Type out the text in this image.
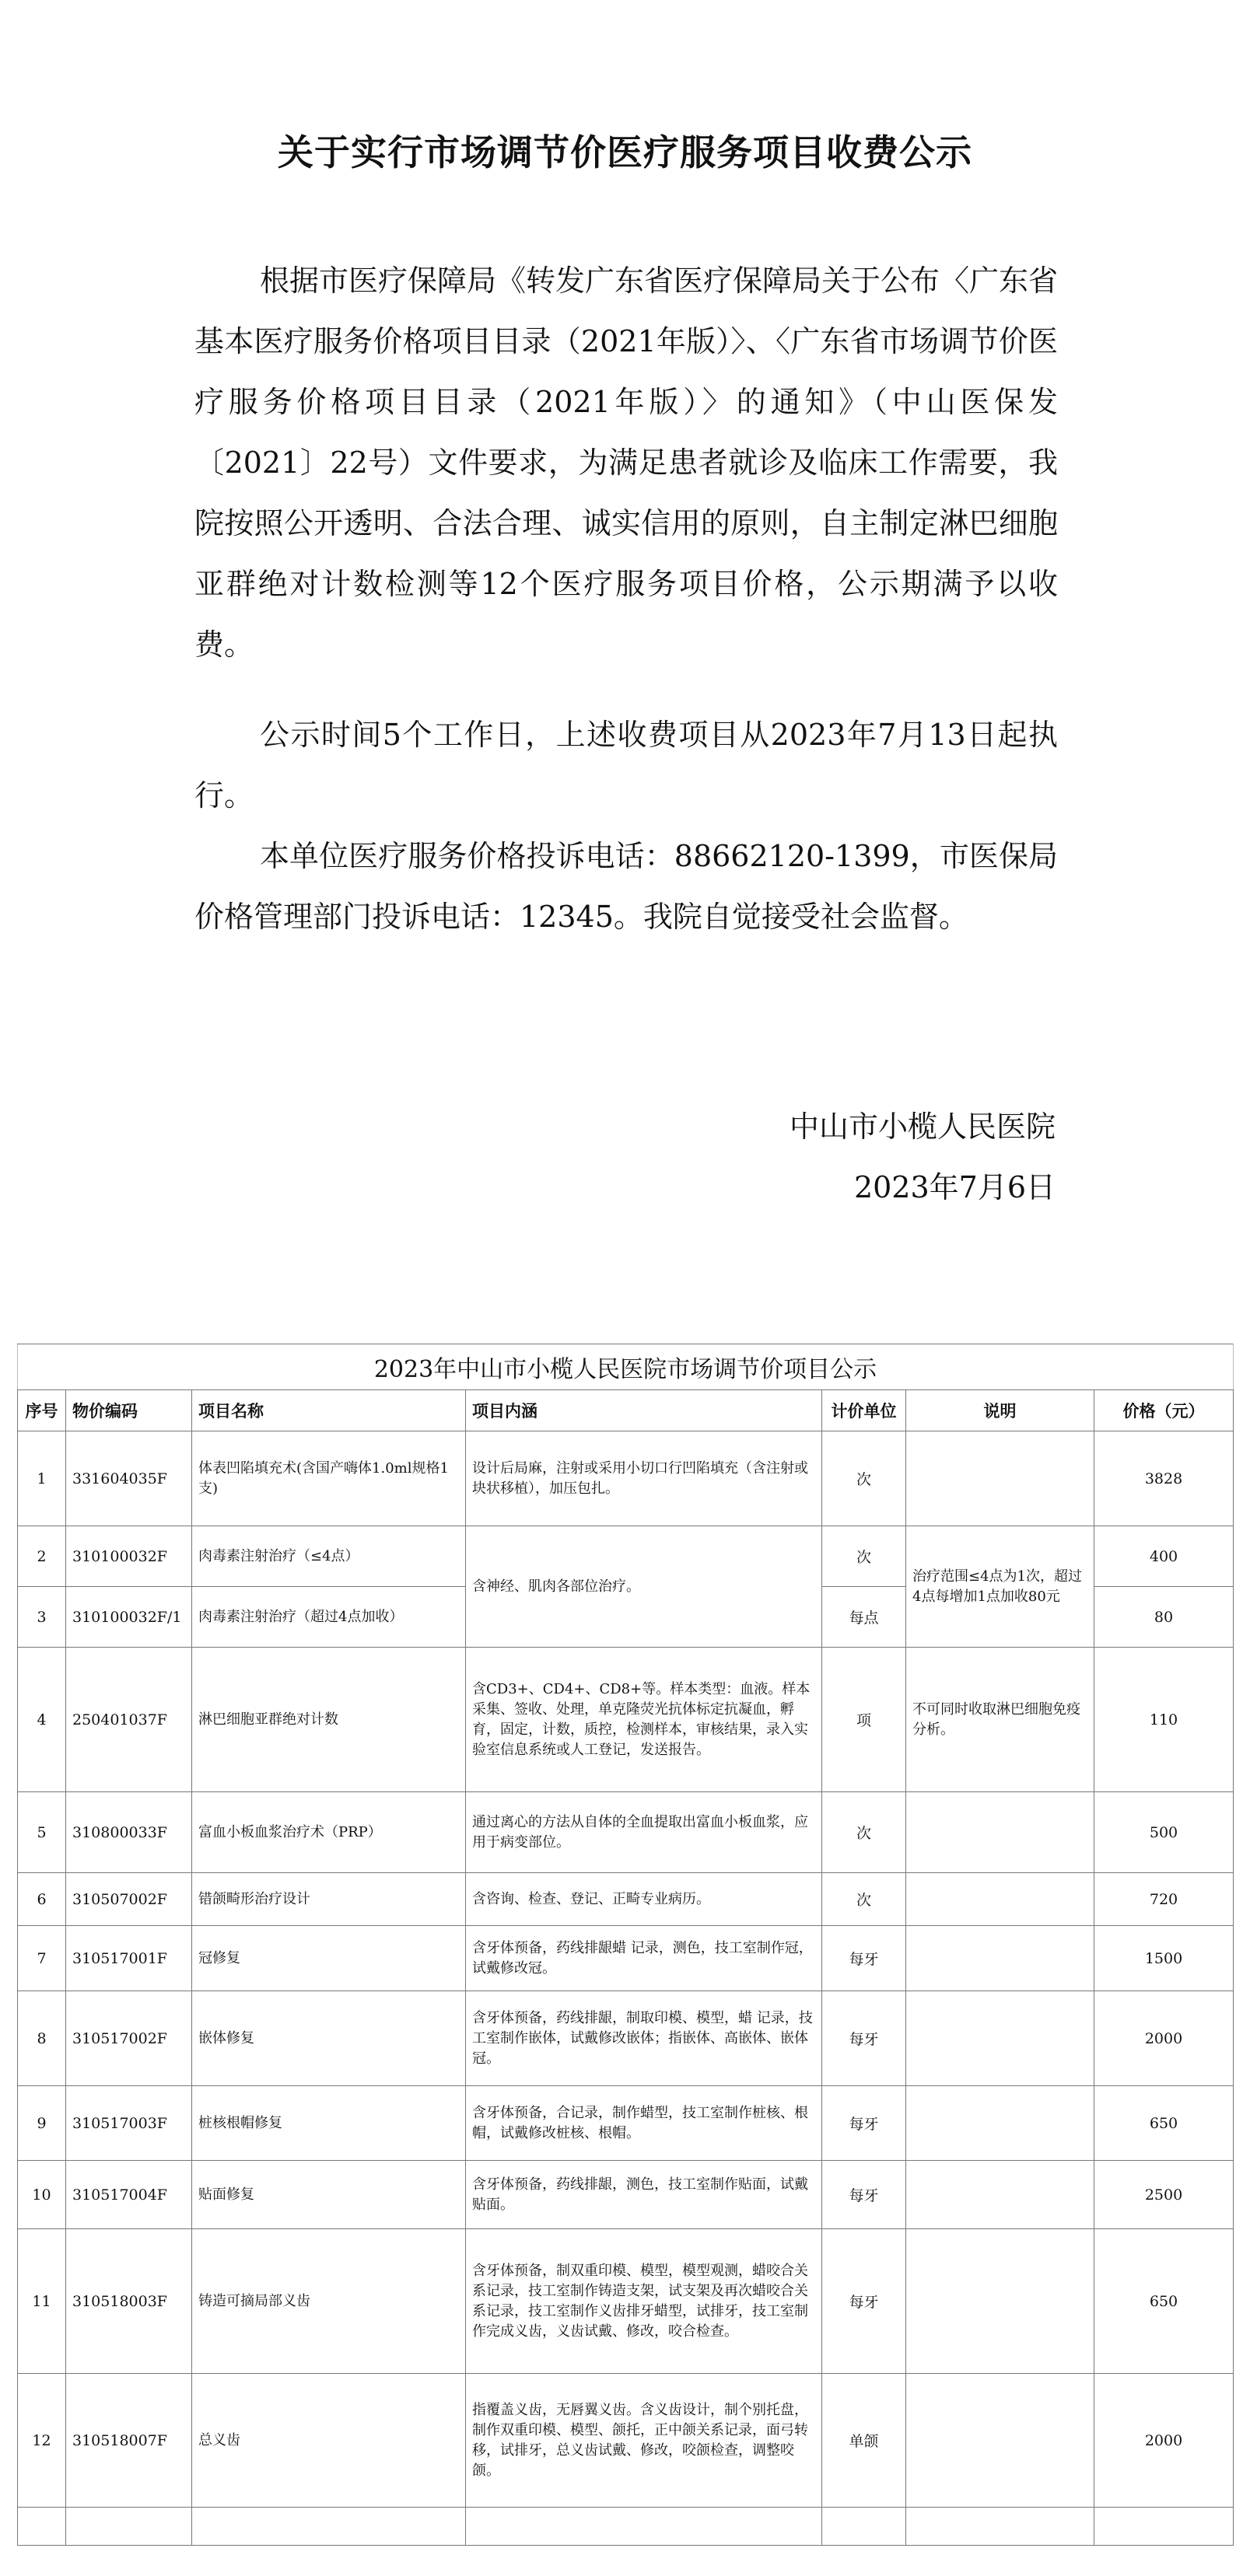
关于实行市场调节价医疗服务项目收费公示

根据市医疗保障局《转发广东省医疗保障局关于公布〈广东省基本医疗服务价格项目目录（2021年版）〉、〈广东省市场调节价医疗服务价格项目目录（2021年版）〉的通知》（中山医保发〔2021〕22号）文件要求，为满足患者就诊及临床工作需要，我院按照公开透明、合法合理、诚实信用的原则，自主制定淋巴细胞亚群绝对计数检测等12个医疗服务项目价格，公示期满予以收费。

公示时间5个工作日，上述收费项目从2023年7月13日起执行。

本单位医疗服务价格投诉电话：88662120-1399，市医保局价格管理部门投诉电话：12345。我院自觉接受社会监督。

中山市小榄人民医院
2023年7月6日
2023年中山市小榄人民医院市场调节价项目公示						
序号	物价编码	项目名称	项目内涵	计价单位	说明	价格（元）
1	331604035F	体表凹陷填充术(含国产嗨体1.0ml规格1支)	设计后局麻，注射或采用小切口行凹陷填充（含注射或块状移植），加压包扎。	次		3828
2	310100032F	肉毒素注射治疗（≤4点）	含神经、肌肉各部位治疗。	次	治疗范围≤4点为1次，超过4点每增加1点加收80元	400
3	310100032F/1	肉毒素注射治疗（超过4点加收）		每点		80
4	250401037F	淋巴细胞亚群绝对计数	含CD3+、CD4+、CD8+等。样本类型：血液。样本采集、签收、处理，单克隆荧光抗体标定抗凝血，孵育，固定，计数，质控，检测样本，审核结果，录入实验室信息系统或人工登记，发送报告。	项	不可同时收取淋巴细胞免疫分析。	110
5	310800033F	富血小板血浆治疗术（PRP）	通过离心的方法从自体的全血提取出富血小板血浆，应用于病变部位。	次		500
6	310507002F	错颌畸形治疗设计	含咨询、检查、登记、正畸专业病历。	次		720
7	310517001F	冠修复	含牙体预备，药线排龈蜡 记录，测色，技工室制作冠，试戴修改冠。	每牙		1500
8	310517002F	嵌体修复	含牙体预备，药线排龈，制取印模、模型，蜡 记录，技工室制作嵌体，试戴修改嵌体；指嵌体、高嵌体、嵌体冠。	每牙		2000
9	310517003F	桩核根帽修复	含牙体预备，合记录，制作蜡型，技工室制作桩核、根帽，试戴修改桩核、根帽。	每牙		650
10	310517004F	贴面修复	含牙体预备，药线排龈，测色，技工室制作贴面，试戴贴面。	每牙		2500
11	310518003F	铸造可摘局部义齿	含牙体预备，制双重印模、模型，模型观测，蜡咬合关系记录，技工室制作铸造支架，试支架及再次蜡咬合关系记录，技工室制作义齿排牙蜡型，试排牙，技工室制作完成义齿，义齿试戴、修改，咬合检查。	每牙		650
12	310518007F	总义齿	指覆盖义齿，无唇翼义齿。含义齿设计，制个别托盘，制作双重印模、模型、颌托，正中颌关系记录，面弓转移，试排牙，总义齿试戴、修改，咬颌检查，调整咬颌。	单颌		2000
